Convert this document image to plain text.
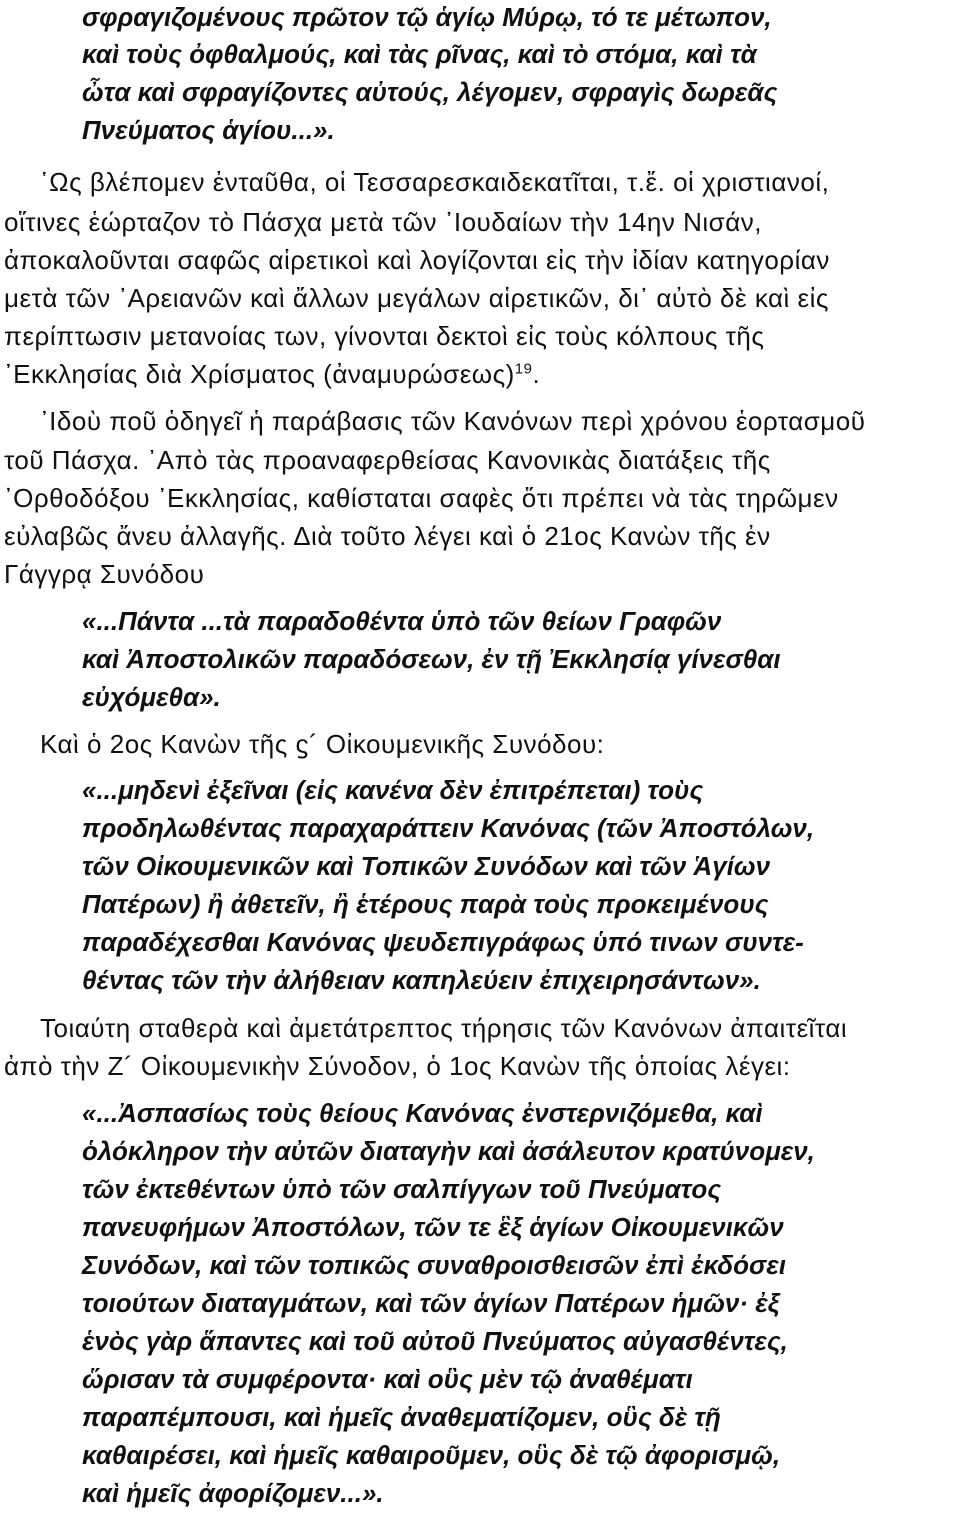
σφραγιζομένους πρῶτον τῷ ἁγίῳ Μύρῳ, τό τε μέτωπον,
καὶ τοὺς ὀφθαλμούς, καὶ τὰς ρῖνας, καὶ τὸ στόμα, καὶ τὰ
ὦτα καὶ σφραγίζοντες αὐτούς, λέγομεν, σφραγὶς δωρεᾶς
Πνεύματος ἁγίου...».
῾Ως βλέπομεν ἐνταῦθα, οἱ Τεσσαρεσκαιδεκατῖται, τ.ἔ. οἱ χριστιανοί,
οἵτινες ἑώρταζον τὸ Πάσχα μετὰ τῶν ᾽Ιουδαίων τὴν 14ην Νισάν,
ἀποκαλοῦνται σαφῶς αἱρετικοὶ καὶ λογίζονται εἰς τὴν ἰδίαν κατηγορίαν
μετὰ τῶν ᾽Αρειανῶν καὶ ἄλλων μεγάλων αἱρετικῶν, δι᾽ αὐτὸ δὲ καὶ εἰς
περίπτωσιν μετανοίας των, γίνονται δεκτοὶ εἰς τοὺς κόλπους τῆς
᾽Εκκλησίας διὰ Χρίσματος (ἀναμυρώσεως)$^{19}$.
᾽Ιδοὺ ποῦ ὁδηγεῖ ἡ παράβασις τῶν Κανόνων περὶ χρόνου ἑορτασμοῦ
τοῦ Πάσχα. ᾽Απὸ τὰς προαναφερθείσας Κανονικὰς διατάξεις τῆς
᾽Ορθοδόξου ᾽Εκκλησίας, καθίσταται σαφὲς ὅτι πρέπει νὰ τὰς τηρῶμεν
εὐλαβῶς ἄνευ ἀλλαγῆς. Διὰ τοῦτο λέγει καὶ ὁ 21ος Κανὼν τῆς ἐν
Γάγγρᾳ Συνόδου
«...Πάντα ...τὰ παραδοθέντα ὑπὸ τῶν θείων Γραφῶν
καὶ Ἀποστολικῶν παραδόσεων, ἐν τῇ Ἐκκλησίᾳ γίνεσθαι
εὐχόμεθα».
Καὶ ὁ 2ος Κανὼν τῆς ϛ´ Οἰκουμενικῆς Συνόδου:
«...μηδενὶ ἐξεῖναι (εἰς κανένα δὲν ἐπιτρέπεται) τοὺς
προδηλωθέντας παραχαράττειν Κανόνας (τῶν Ἀποστόλων,
τῶν Οἰκουμενικῶν καὶ Τοπικῶν Συνόδων καὶ τῶν Ἁγίων
Πατέρων) ἢ ἀθετεῖν, ἢ ἑτέρους παρὰ τοὺς προκειμένους
παραδέχεσθαι Κανόνας ψευδεπιγράφως ὑπό τινων συντε-
θέντας τῶν τὴν ἀλήθειαν καπηλεύειν ἐπιχειρησάντων».
Τοιαύτη σταθερὰ καὶ ἀμετάτρεπτος τήρησις τῶν Κανόνων ἀπαιτεῖται
ἀπὸ τὴν Ζ´ Οἰκουμενικὴν Σύνοδον, ὁ 1ος Κανὼν τῆς ὁποίας λέγει:
«...Ἀσπασίως τοὺς θείους Κανόνας ἐνστερνιζόμεθα, καὶ
ὁλόκληρον τὴν αὐτῶν διαταγὴν καὶ ἀσάλευτον κρατύνομεν,
τῶν ἐκτεθέντων ὑπὸ τῶν σαλπίγγων τοῦ Πνεύματος
πανευφήμων Ἀποστόλων, τῶν τε ἓξ ἁγίων Οἰκουμενικῶν
Συνόδων, καὶ τῶν τοπικῶς συναθροισθεισῶν ἐπὶ ἐκδόσει
τοιούτων διαταγμάτων, καὶ τῶν ἁγίων Πατέρων ἡμῶν· ἐξ
ἑνὸς γὰρ ἅπαντες καὶ τοῦ αὐτοῦ Πνεύματος αὐγασθέντες,
ὥρισαν τὰ συμφέροντα· καὶ οὓς μὲν τῷ ἀναθέματι
παραπέμπουσι, καὶ ἡμεῖς ἀναθεματίζομεν, οὓς δὲ τῇ
καθαιρέσει, καὶ ἡμεῖς καθαιροῦμεν, οὓς δὲ τῷ ἀφορισμῷ,
καὶ ἡμεῖς ἀφορίζομεν...».
